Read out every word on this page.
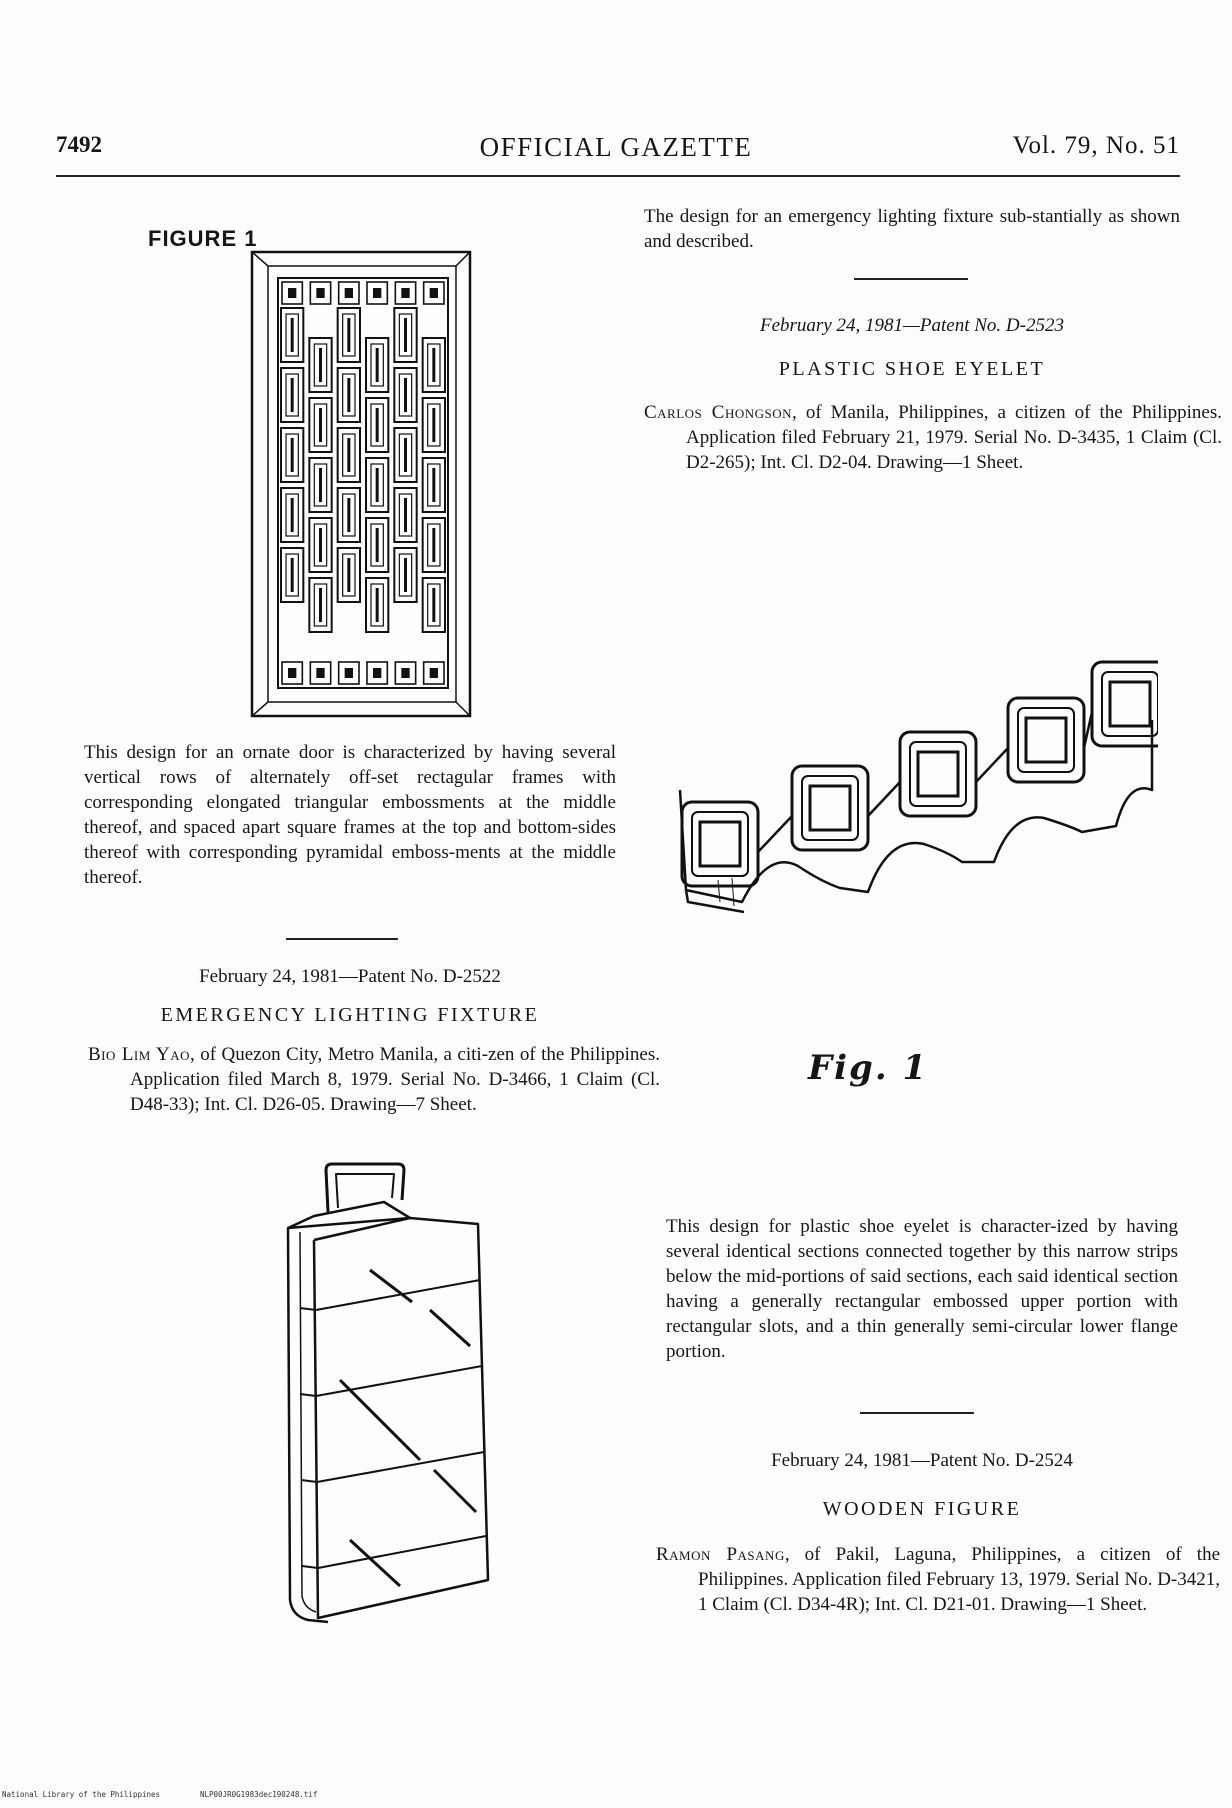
7492	OFFICIAL GAZETTE	Vol. 79, No. 51
FIGURE 1
This design for an ornate door is characterized by having several vertical rows of alternately off-set rectagular frames with corresponding elongated triangular embossments at the middle thereof, and spaced apart square frames at the top and bottom-sides thereof with corresponding pyramidal emboss-ments at the middle thereof.
February 24, 1981—Patent No. D-2522
EMERGENCY LIGHTING FIXTURE
Bio Lim Yao, of Quezon City, Metro Manila, a citi-zen of the Philippines. Application filed March 8, 1979. Serial No. D-3466, 1 Claim (Cl. D48-33); Int. Cl. D26-05. Drawing—7 Sheet.
The design for an emergency lighting fixture sub-stantially as shown and described.
February 24, 1981—Patent No. D-2523
PLASTIC SHOE EYELET
Carlos Chongson, of Manila, Philippines, a citizen of the Philippines. Application filed February 21, 1979. Serial No. D-3435, 1 Claim (Cl. D2-265); Int. Cl. D2-04. Drawing—1 Sheet.
Fig. 1
This design for plastic shoe eyelet is character-ized by having several identical sections connected together by this narrow strips below the mid-portions of said sections, each said identical section having a generally rectangular embossed upper portion with rectangular slots, and a thin generally semi-circular lower flange portion.
February 24, 1981—Patent No. D-2524
WOODEN FIGURE
Ramon Pasang, of Pakil, Laguna, Philippines, a citizen of the Philippines. Application filed February 13, 1979. Serial No. D-3421, 1 Claim (Cl. D34-4R); Int. Cl. D21-01. Drawing—1 Sheet.
National Library of the Philippines	NLP00JR0G1983dec190248.tif
